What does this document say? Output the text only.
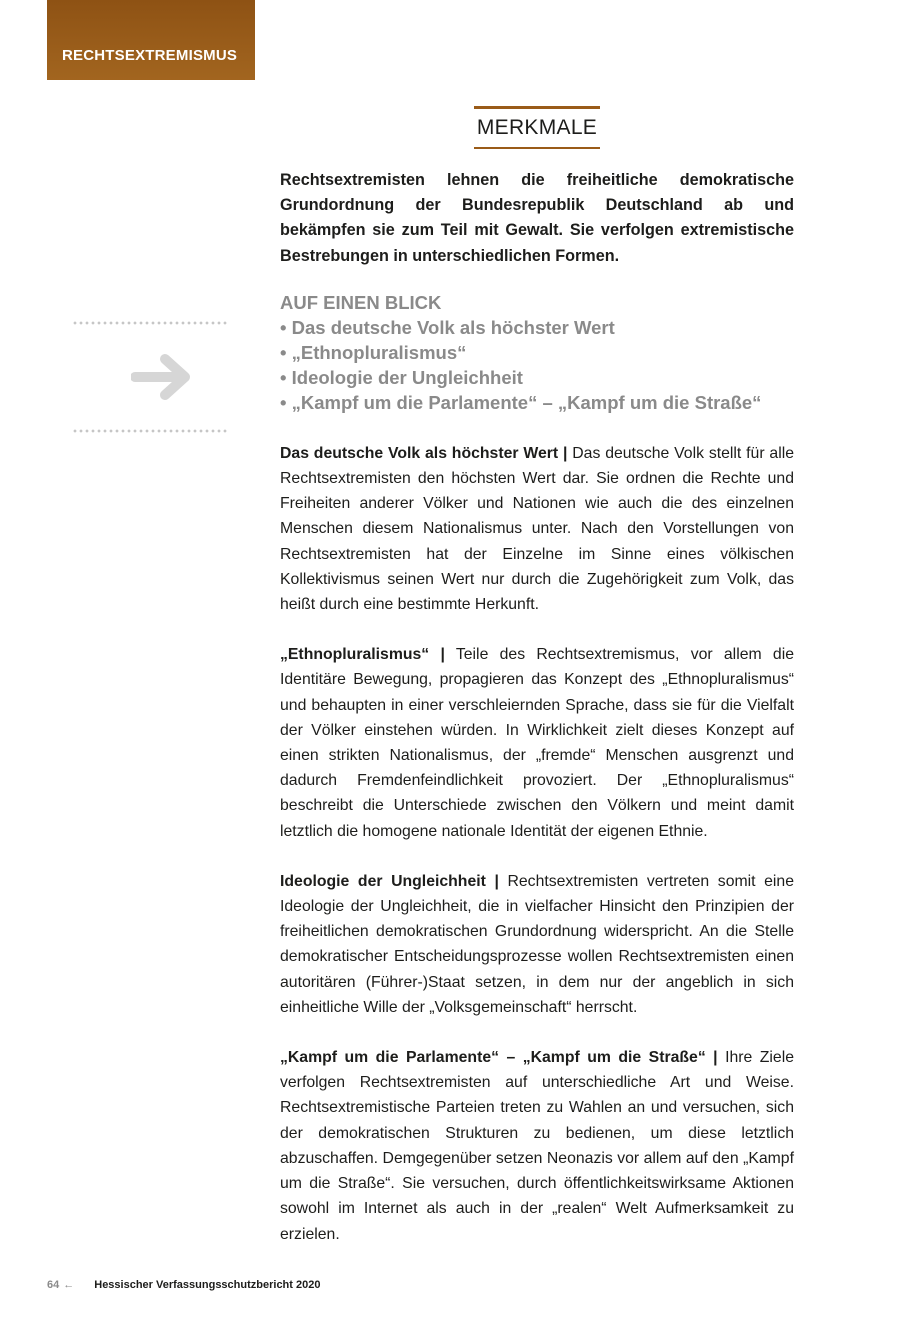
RECHTSEXTREMISMUS
MERKMALE

Rechtsextremisten lehnen die freiheitliche demokratische Grundordnung der Bundesrepublik Deutschland ab und bekämpfen sie zum Teil mit Gewalt. Sie verfolgen extremistische Bestrebungen in unterschiedlichen Formen.

AUF EINEN BLICK
• Das deutsche Volk als höchster Wert
• „Ethnopluralismus“
• Ideologie der Ungleichheit
• „Kampf um die Parlamente“ – „Kampf um die Straße“

Das deutsche Volk als höchster Wert | Das deutsche Volk stellt für alle Rechtsextremisten den höchsten Wert dar. Sie ordnen die Rechte und Freiheiten anderer Völker und Nationen wie auch die des einzelnen Menschen diesem Nationalismus unter. Nach den Vorstellungen von Rechtsextremisten hat der Einzelne im Sinne eines völkischen Kollektivismus seinen Wert nur durch die Zugehörigkeit zum Volk, das heißt durch eine bestimmte Herkunft.

„Ethnopluralismus“ | Teile des Rechtsextremismus, vor allem die Identitäre Bewegung, propagieren das Konzept des „Ethnopluralismus“ und behaupten in einer verschleiernden Sprache, dass sie für die Vielfalt der Völker einstehen würden. In Wirklichkeit zielt dieses Konzept auf einen strikten Nationalismus, der „fremde“ Menschen ausgrenzt und dadurch Fremdenfeindlichkeit provoziert. Der „Ethnopluralismus“ beschreibt die Unterschiede zwischen den Völkern und meint damit letztlich die homogene nationale Identität der eigenen Ethnie.

Ideologie der Ungleichheit | Rechtsextremisten vertreten somit eine Ideologie der Ungleichheit, die in vielfacher Hinsicht den Prinzipien der freiheitlichen demokratischen Grundordnung widerspricht. An die Stelle demokratischer Entscheidungsprozesse wollen Rechtsextremisten einen autoritären (Führer-)Staat setzen, in dem nur der angeblich in sich einheitliche Wille der „Volksgemeinschaft“ herrscht.

„Kampf um die Parlamente“ – „Kampf um die Straße“ | Ihre Ziele verfolgen Rechtsextremisten auf unterschiedliche Art und Weise. Rechtsextremistische Parteien treten zu Wahlen an und versuchen, sich der demokratischen Strukturen zu bedienen, um diese letztlich abzuschaffen. Demgegenüber setzen Neonazis vor allem auf den „Kampf um die Straße“. Sie versuchen, durch öffentlichkeitswirksame Aktionen sowohl im Internet als auch in der „realen“ Welt Aufmerksamkeit zu erzielen.

64 ← Hessischer Verfassungsschutzbericht 2020
